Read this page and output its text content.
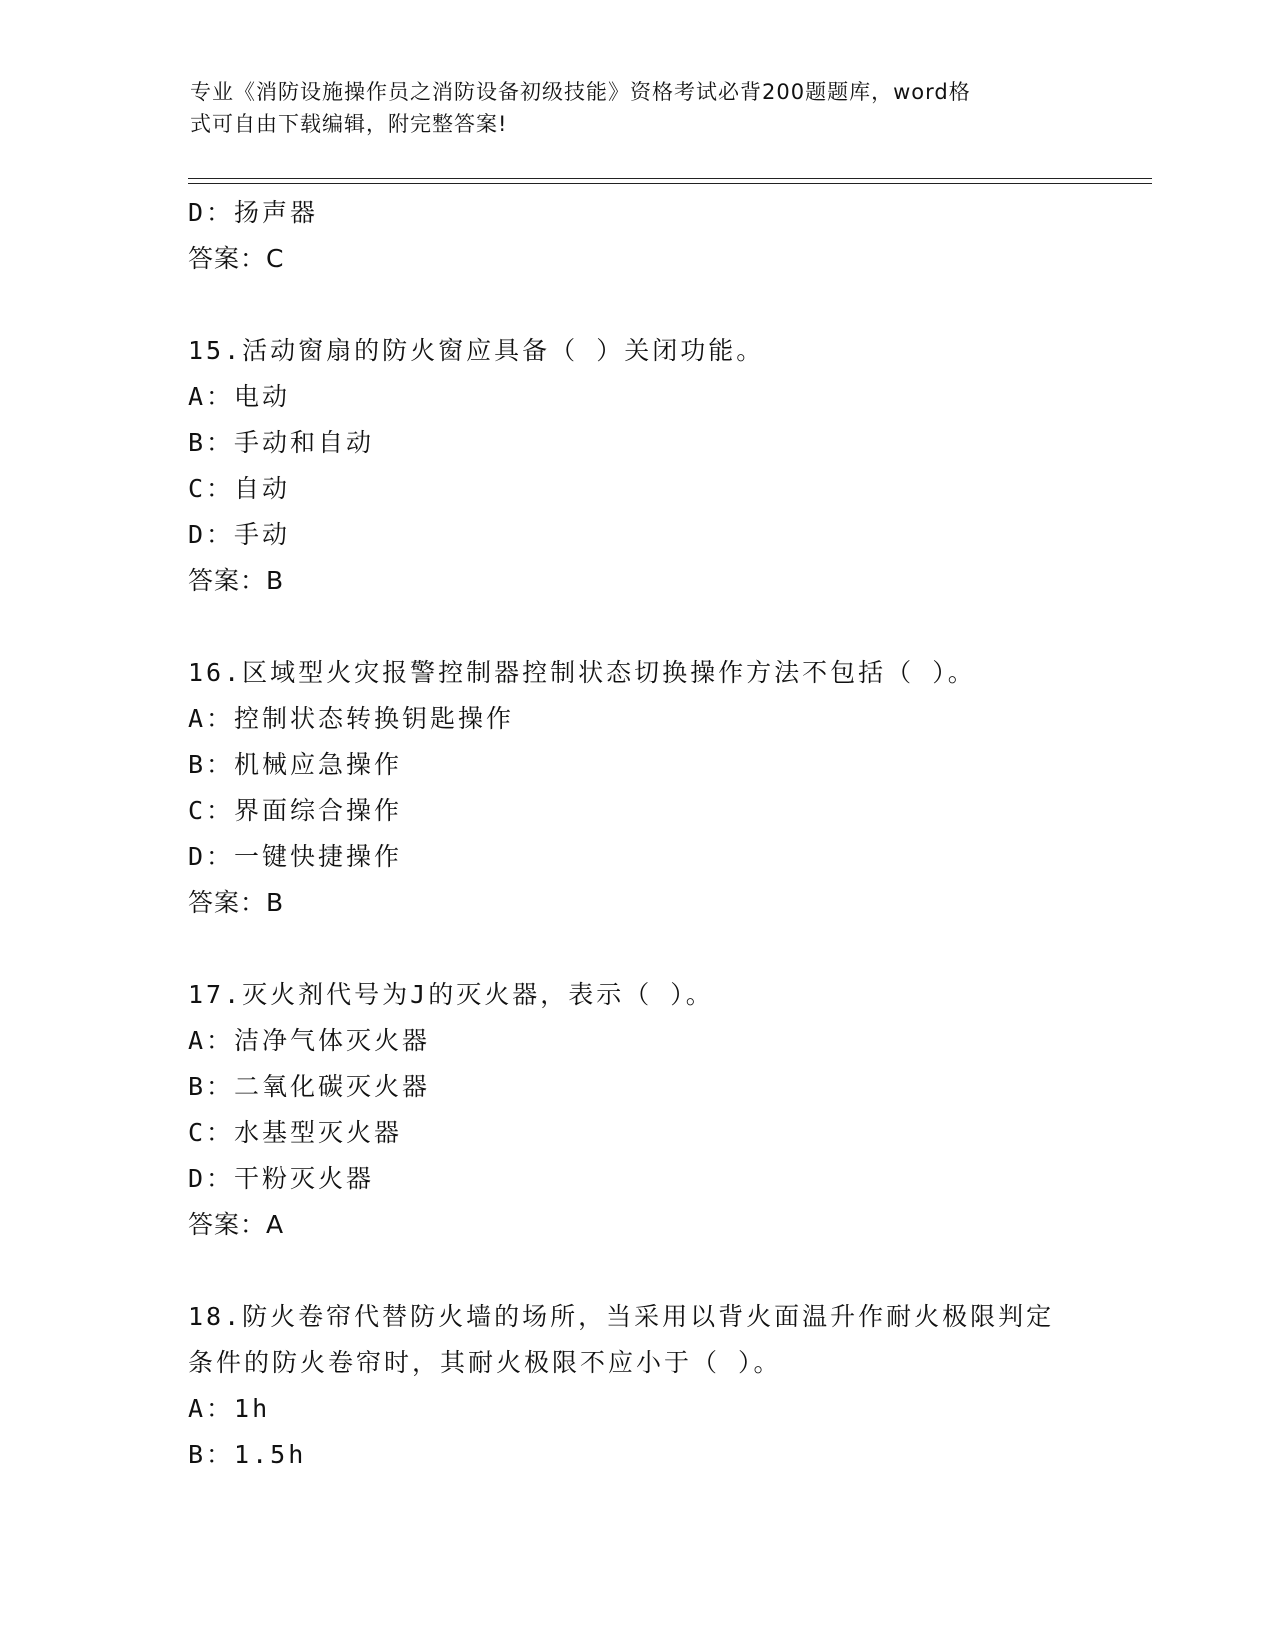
专业《消防设施操作员之消防设备初级技能》资格考试必背200题题库，word格
式可自由下载编辑，附完整答案!
D：扬声器
答案：C
15.活动窗扇的防火窗应具备（ ）关闭功能。
A：电动
B：手动和自动
C：自动
D：手动
答案：B
16.区域型火灾报警控制器控制状态切换操作方法不包括（ ）。
A：控制状态转换钥匙操作
B：机械应急操作
C：界面综合操作
D：一键快捷操作
答案：B
17.灭火剂代号为J的灭火器，表示（ ）。
A：洁净气体灭火器
B：二氧化碳灭火器
C：水基型灭火器
D：干粉灭火器
答案：A
18.防火卷帘代替防火墙的场所，当采用以背火面温升作耐火极限判定
条件的防火卷帘时，其耐火极限不应小于（ ）。
A：1h
B：1.5h
